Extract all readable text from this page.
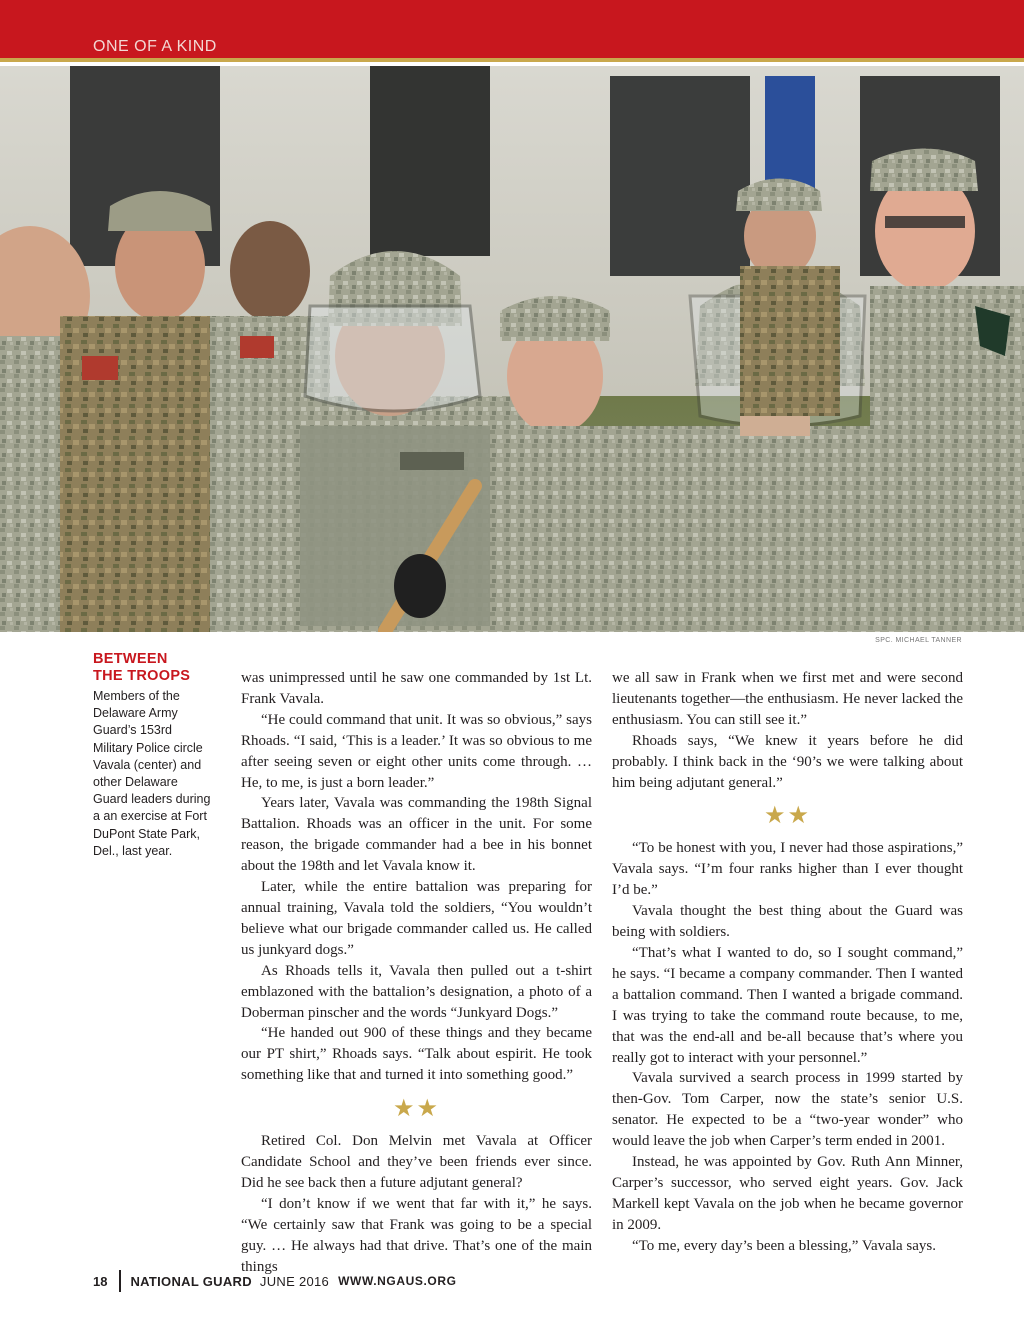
ONE OF A KIND
SPC. MICHAEL TANNER
BETWEEN
THE TROOPS

Members of the Delaware Army Guard’s 153rd Military Police circle Vavala (center) and other Delaware Guard leaders during a an exercise at Fort DuPont State Park, Del., last year.

was unimpressed until he saw one commanded by 1st Lt. Frank Vavala.

“He could command that unit. It was so obvious,” says Rhoads. “I said, ‘This is a leader.’ It was so obvious to me after seeing seven or eight other units come through. … He, to me, is just a born leader.”

Years later, Vavala was commanding the 198th Signal Battalion. Rhoads was an officer in the unit. For some reason, the brigade commander had a bee in his bonnet about the 198th and let Vavala know it.

Later, while the entire battalion was preparing for annual training, Vavala told the soldiers, “You wouldn’t believe what our brigade commander called us. He called us junkyard dogs.”

As Rhoads tells it, Vavala then pulled out a t-shirt emblazoned with the battalion’s designation, a photo of a Doberman pinscher and the words “Junkyard Dogs.”

“He handed out 900 of these things and they became our PT shirt,” Rhoads says. “Talk about espirit. He took something like that and turned it into something good.”

★★

Retired Col. Don Melvin met Vavala at Officer Candidate School and they’ve been friends ever since. Did he see back then a future adjutant general?

“I don’t know if we went that far with it,” he says. “We certainly saw that Frank was going to be a special guy. … He always had that drive. That’s one of the main things

we all saw in Frank when we first met and were second lieutenants together—the enthusiasm. He never lacked the enthusiasm. You can still see it.”

Rhoads says, “We knew it years before he did probably. I think back in the ‘90’s we were talking about him being adjutant general.”

★★

“To be honest with you, I never had those aspirations,” Vavala says. “I’m four ranks higher than I ever thought I’d be.”

Vavala thought the best thing about the Guard was being with soldiers.

“That’s what I wanted to do, so I sought command,” he says. “I became a company commander. Then I wanted a battalion command. Then I wanted a brigade command. I was trying to take the command route because, to me, that was the end-all and be-all because that’s where you really got to interact with your personnel.”

Vavala survived a search process in 1999 started by then-Gov. Tom Carper, now the state’s senior U.S. senator. He expected to be a “two-year wonder” who would leave the job when Carper’s term ended in 2001.

Instead, he was appointed by Gov. Ruth Ann Minner, Carper’s successor, who served eight years. Gov. Jack Markell kept Vavala on the job when he became governor in 2009.

“To me, every day’s been a blessing,” Vavala says.

18 NATIONAL GUARD JUNE 2016 WWW.NGAUS.ORG
